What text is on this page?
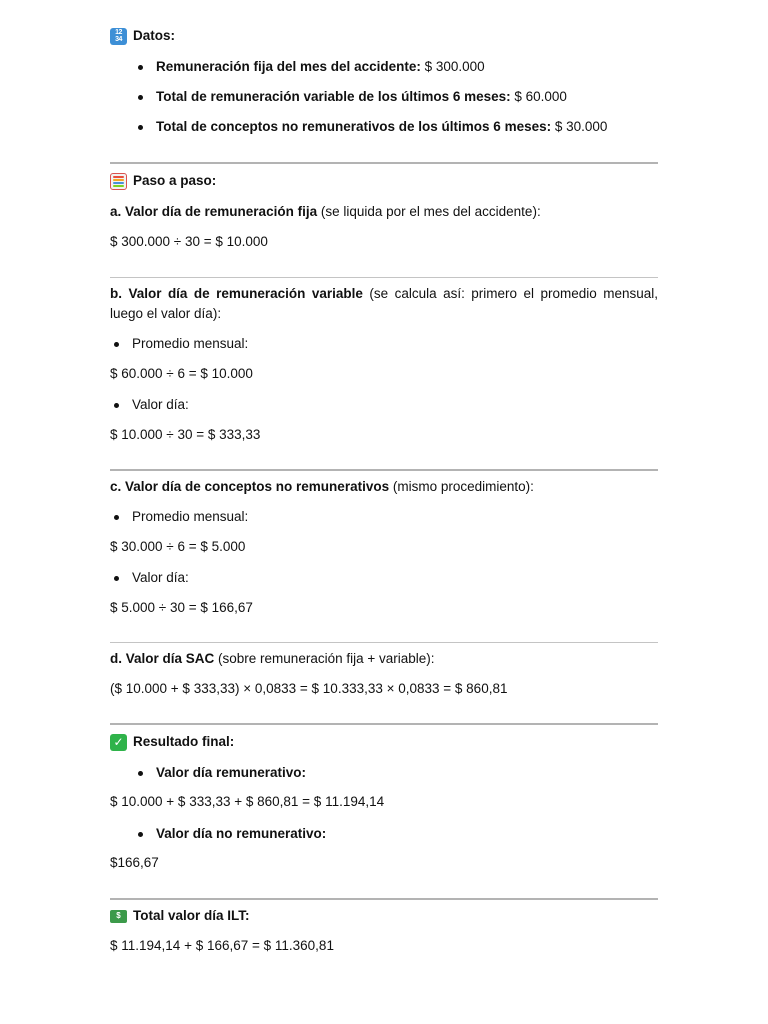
12
34 Datos:
Remuneración fija del mes del accidente: $ 300.000
Total de remuneración variable de los últimos 6 meses: $ 60.000
Total de conceptos no remunerativos de los últimos 6 meses: $ 30.000
Paso a paso:
a. Valor día de remuneración fija (se liquida por el mes del accidente):
$ 300.000 ÷ 30 = $ 10.000
b. Valor día de remuneración variable (se calcula así: primero el promedio mensual, luego el valor día):
Promedio mensual:
$ 60.000 ÷ 6 = $ 10.000
Valor día:
$ 10.000 ÷ 30 = $ 333,33
c. Valor día de conceptos no remunerativos (mismo procedimiento):
Promedio mensual:
$ 30.000 ÷ 6 = $ 5.000
Valor día:
$ 5.000 ÷ 30 = $ 166,67
d. Valor día SAC (sobre remuneración fija + variable):
($ 10.000 + $ 333,33) × 0,0833 = $ 10.333,33 × 0,0833 = $ 860,81
✓ Resultado final:
Valor día remunerativo:
$ 10.000 + $ 333,33 + $ 860,81 = $ 11.194,14
Valor día no remunerativo:
$166,67
$ Total valor día ILT:
$ 11.194,14 + $ 166,67 = $ 11.360,81
